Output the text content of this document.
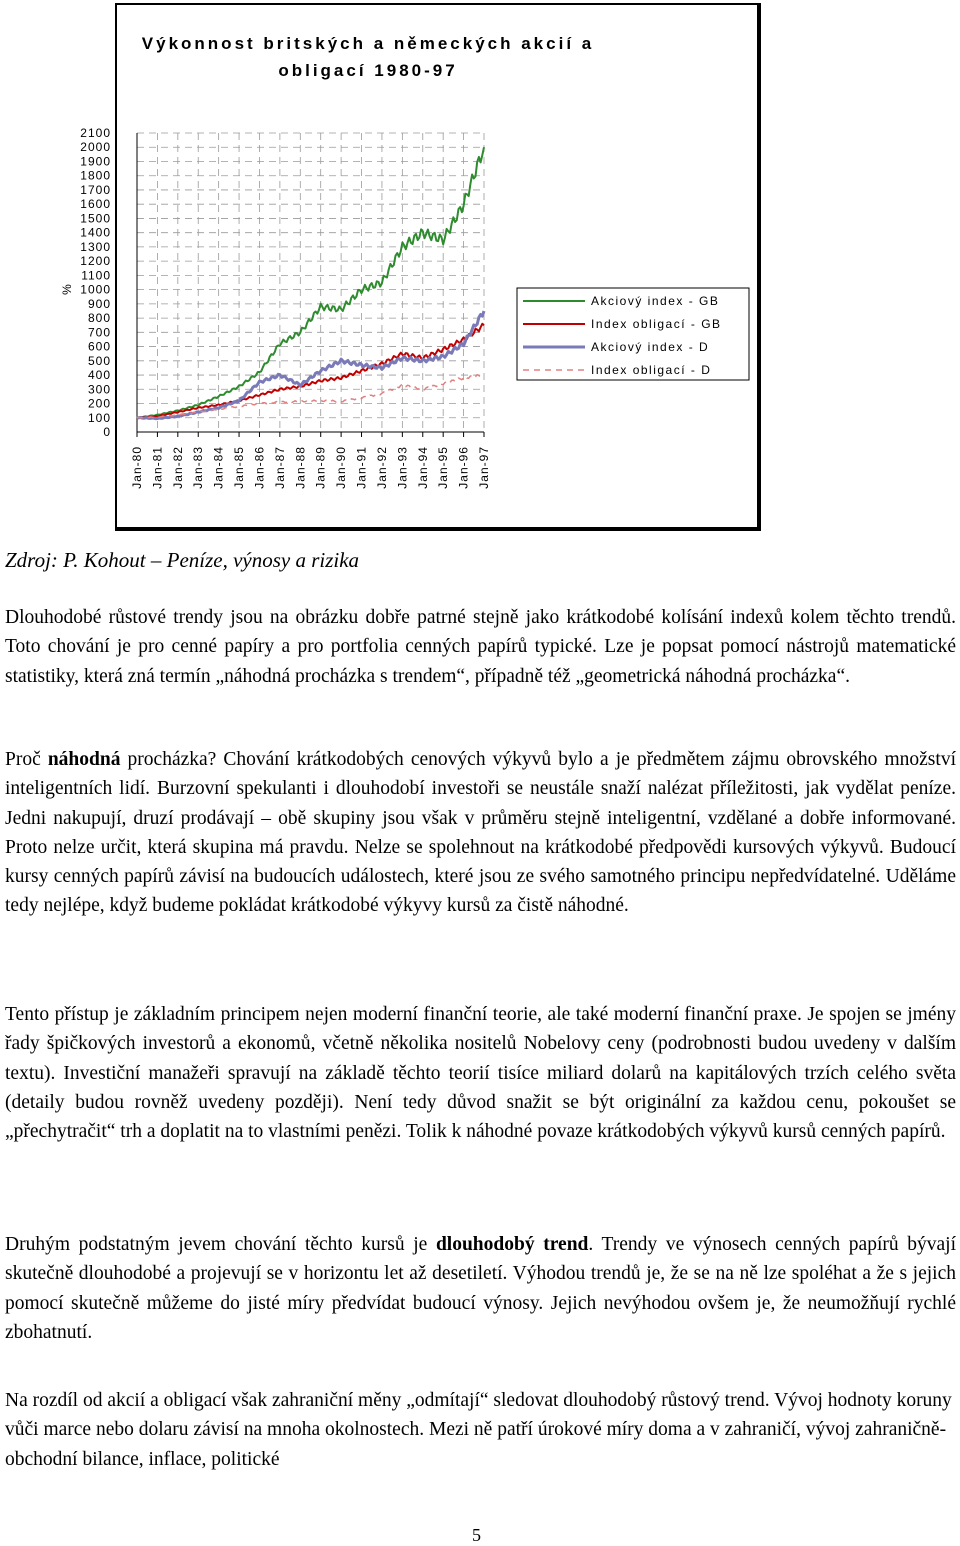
Výkonnost britských a německých akcií a
obligací 1980-97
%
2100
2000
1900
1800
1700
1600
1500
1400
1300
1200
1100
1000
900
800
700
600
500
400
300
200
100
0
Jan-80 Jan-81 Jan-82 Jan-83 Jan-84 Jan-85 Jan-86 Jan-87 Jan-88 Jan-89 Jan-90 Jan-91 Jan-92 Jan-93 Jan-94 Jan-95 Jan-96 Jan-97
Akciový index - GB
Index obligací - GB
Akciový index - D
Index obligací - D
Zdroj: P. Kohout – Peníze, výnosy a rizika

Dlouhodobé růstové trendy jsou na obrázku dobře patrné stejně jako krátkodobé kolísání indexů kolem těchto trendů. Toto chování je pro cenné papíry a pro portfolia cenných papírů typické. Lze je popsat pomocí nástrojů matematické statistiky, která zná termín „náhodná procházka s trendem“, případně též „geometrická náhodná procházka“.

Proč náhodná procházka? Chování krátkodobých cenových výkyvů bylo a je předmětem zájmu obrovského množství inteligentních lidí. Burzovní spekulanti i dlouhodobí investoři se neustále snaží nalézat příležitosti, jak vydělat peníze. Jedni nakupují, druzí prodávají – obě skupiny jsou však v průměru stejně inteligentní, vzdělané a dobře informované. Proto nelze určit, která skupina má pravdu. Nelze se spolehnout na krátkodobé předpovědi kursových výkyvů. Budoucí kursy cenných papírů závisí na budoucích událostech, které jsou ze svého samotného principu nepředvídatelné. Uděláme tedy nejlépe, když budeme pokládat krátkodobé výkyvy kursů za čistě náhodné.

Tento přístup je základním principem nejen moderní finanční teorie, ale také moderní finanční praxe. Je spojen se jmény řady špičkových investorů a ekonomů, včetně několika nositelů Nobelovy ceny (podrobnosti budou uvedeny v dalším textu). Investiční manažeři spravují na základě těchto teorií tisíce miliard dolarů na kapitálových trzích celého světa (detaily budou rovněž uvedeny později). Není tedy důvod snažit se být originální za každou cenu, pokoušet se „přechytračit“ trh a doplatit na to vlastními penězi. Tolik k náhodné povaze krátkodobých výkyvů kursů cenných papírů.

Druhým podstatným jevem chování těchto kursů je dlouhodobý trend. Trendy ve výnosech cenných papírů bývají skutečně dlouhodobé a projevují se v horizontu let až desetiletí. Výhodou trendů je, že se na ně lze spoléhat a že s jejich pomocí skutečně můžeme do jisté míry předvídat budoucí výnosy. Jejich nevýhodou ovšem je, že neumožňují rychlé zbohatnutí.

Na rozdíl od akcií a obligací však zahraniční měny „odmítají“ sledovat dlouhodobý růstový trend. Vývoj hodnoty koruny vůči marce nebo dolaru závisí na mnoha okolnostech. Mezi ně patří úrokové míry doma a v zahraničí, vývoj zahraničně-obchodní bilance, inflace, politické

5
